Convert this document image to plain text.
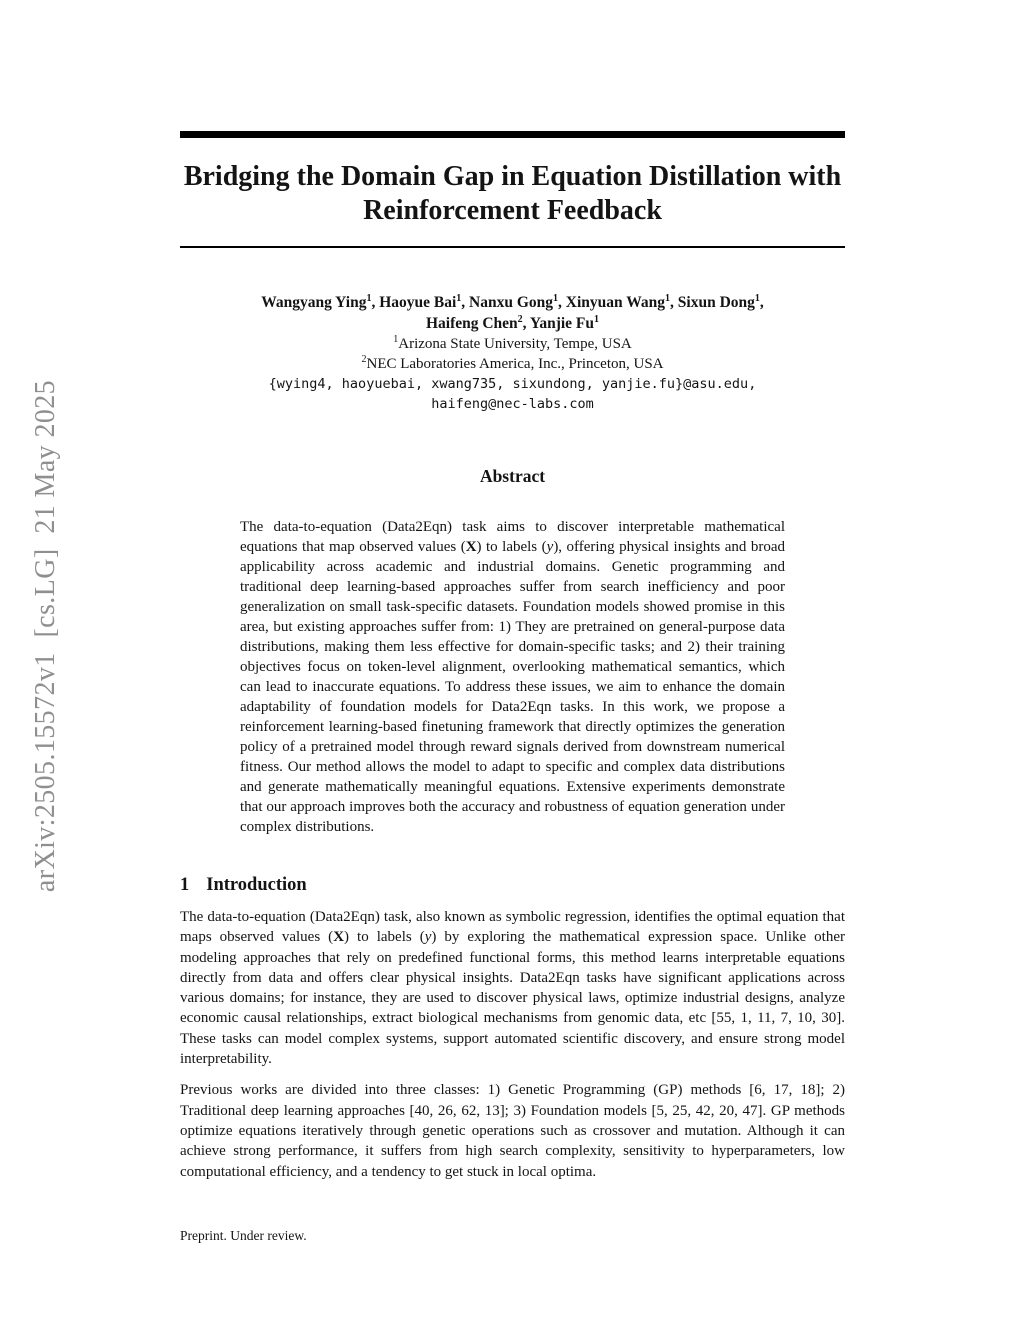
arXiv:2505.15572v1  [cs.LG]  21 May 2025
Bridging the Domain Gap in Equation Distillation with Reinforcement Feedback
Wangyang Ying$^1$, Haoyue Bai$^1$, Nanxu Gong$^1$, Xinyuan Wang$^1$, Sixun Dong$^1$,
Haifeng Chen$^2$, Yanjie Fu$^1$
$^1$Arizona State University, Tempe, USA
$^2$NEC Laboratories America, Inc., Princeton, USA
{wying4, haoyuebai, xwang735, sixundong, yanjie.fu}@asu.edu,
haifeng@nec-labs.com
Abstract
The data-to-equation (Data2Eqn) task aims to discover interpretable mathematical equations that map observed values (X) to labels (y), offering physical insights and broad applicability across academic and industrial domains. Genetic programming and traditional deep learning-based approaches suffer from search inefficiency and poor generalization on small task-specific datasets. Foundation models showed promise in this area, but existing approaches suffer from: 1) They are pretrained on general-purpose data distributions, making them less effective for domain-specific tasks; and 2) their training objectives focus on token-level alignment, overlooking mathematical semantics, which can lead to inaccurate equations. To address these issues, we aim to enhance the domain adaptability of foundation models for Data2Eqn tasks. In this work, we propose a reinforcement learning-based finetuning framework that directly optimizes the generation policy of a pretrained model through reward signals derived from downstream numerical fitness. Our method allows the model to adapt to specific and complex data distributions and generate mathematically meaningful equations. Extensive experiments demonstrate that our approach improves both the accuracy and robustness of equation generation under complex distributions.
1 Introduction
The data-to-equation (Data2Eqn) task, also known as symbolic regression, identifies the optimal equation that maps observed values (X) to labels (y) by exploring the mathematical expression space. Unlike other modeling approaches that rely on predefined functional forms, this method learns interpretable equations directly from data and offers clear physical insights. Data2Eqn tasks have significant applications across various domains; for instance, they are used to discover physical laws, optimize industrial designs, analyze economic causal relationships, extract biological mechanisms from genomic data, etc [55, 1, 11, 7, 10, 30]. These tasks can model complex systems, support automated scientific discovery, and ensure strong model interpretability.
Previous works are divided into three classes: 1) Genetic Programming (GP) methods [6, 17, 18]; 2) Traditional deep learning approaches [40, 26, 62, 13]; 3) Foundation models [5, 25, 42, 20, 47]. GP methods optimize equations iteratively through genetic operations such as crossover and mutation. Although it can achieve strong performance, it suffers from high search complexity, sensitivity to hyperparameters, low computational efficiency, and a tendency to get stuck in local optima.
Preprint. Under review.
